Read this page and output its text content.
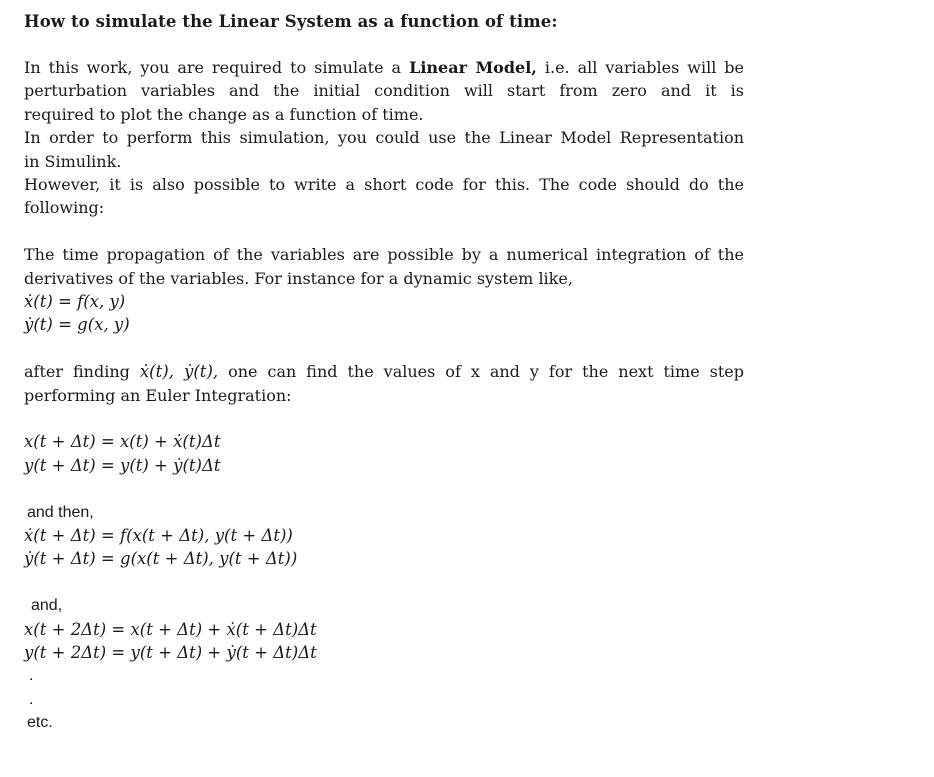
How to simulate the Linear System as a function of time:

In this work, you are required to simulate a Linear Model, i.e. all variables will be
perturbation variables and the initial condition will start from zero and it is
required to plot the change as a function of time.
In order to perform this simulation, you could use the Linear Model Representation
in Simulink.
However, it is also possible to write a short code for this. The code should do the
following:

The time propagation of the variables are possible by a numerical integration of the
derivatives of the variables. For instance for a dynamic system like,

ẋ(t) = f(x, y)
ẏ(t) = g(x, y)

after finding ẋ(t), ẏ(t), one can find the values of x and y for the next time step
performing an Euler Integration:

x(t + Δt) = x(t) + ẋ(t)Δt
y(t + Δt) = y(t) + ẏ(t)Δt
and then,
ẋ(t + Δt) = f(x(t + Δt), y(t + Δt))
ẏ(t + Δt) = g(x(t + Δt), y(t + Δt))
and,
x(t + 2Δt) = x(t + Δt) + ẋ(t + Δt)Δt
y(t + 2Δt) = y(t + Δt) + ẏ(t + Δt)Δt
.
.
etc.
